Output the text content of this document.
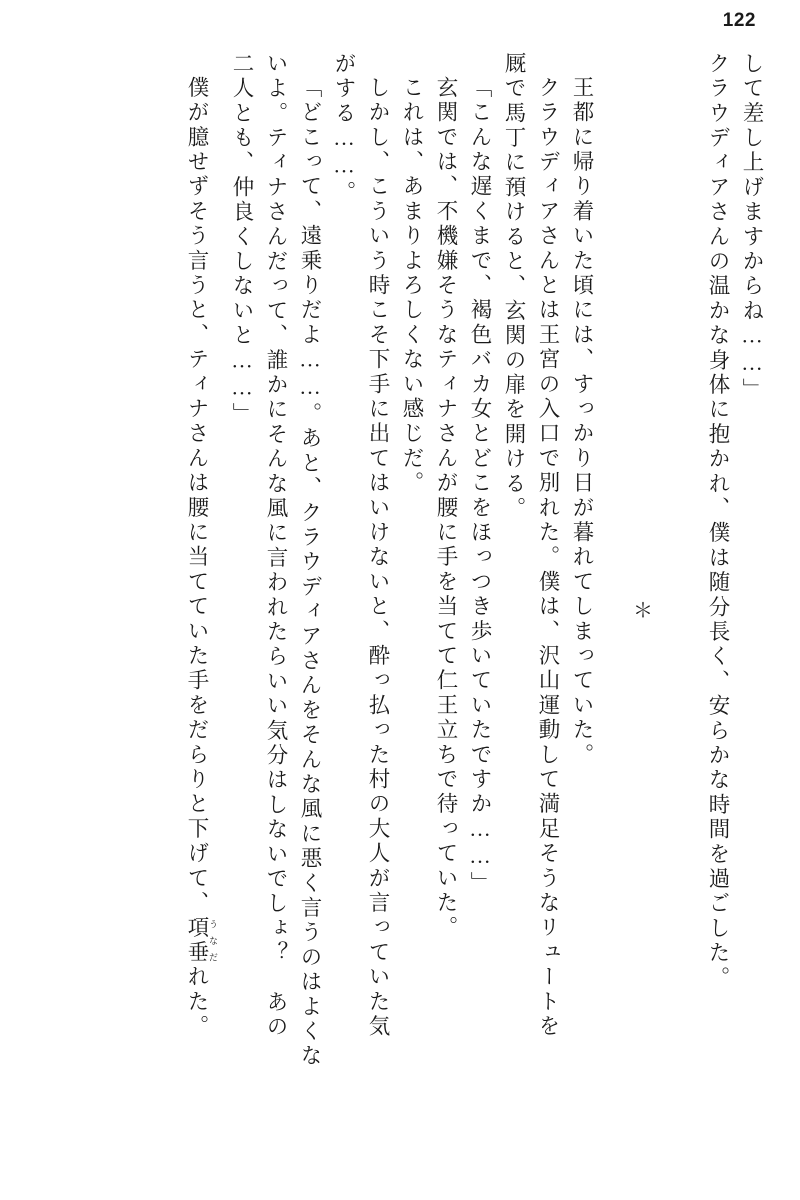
122
して差し上げますからね……」
クラウディアさんの温かな身体に抱かれ、僕は随分長く、安らかな時間を過ごした。
＊
王都に帰り着いた頃には、すっかり日が暮れてしまっていた。
クラウディアさんとは王宮の入口で別れた。僕は、沢山運動して満足そうなリュートを
厩で馬丁に預けると、玄関の扉を開ける。
「こんな遅くまで、褐色バカ女とどこをほっつき歩いていたですか……」
玄関では、不機嫌そうなティナさんが腰に手を当てて仁王立ちで待っていた。
これは、あまりよろしくない感じだ。
しかし、こういう時こそ下手に出てはいけないと、酔っ払った村の大人が言っていた気
がする……。
「どこって、遠乗りだよ……。あと、クラウディアさんをそんな風に悪く言うのはよくな
いよ。ティナさんだって、誰かにそんな風に言われたらいい気分はしないでしょ？　あの
二人とも、仲良くしないと……」
僕が臆せずそう言うと、ティナさんは腰に当てていた手をだらりと下げて、項垂 うなだれた。
